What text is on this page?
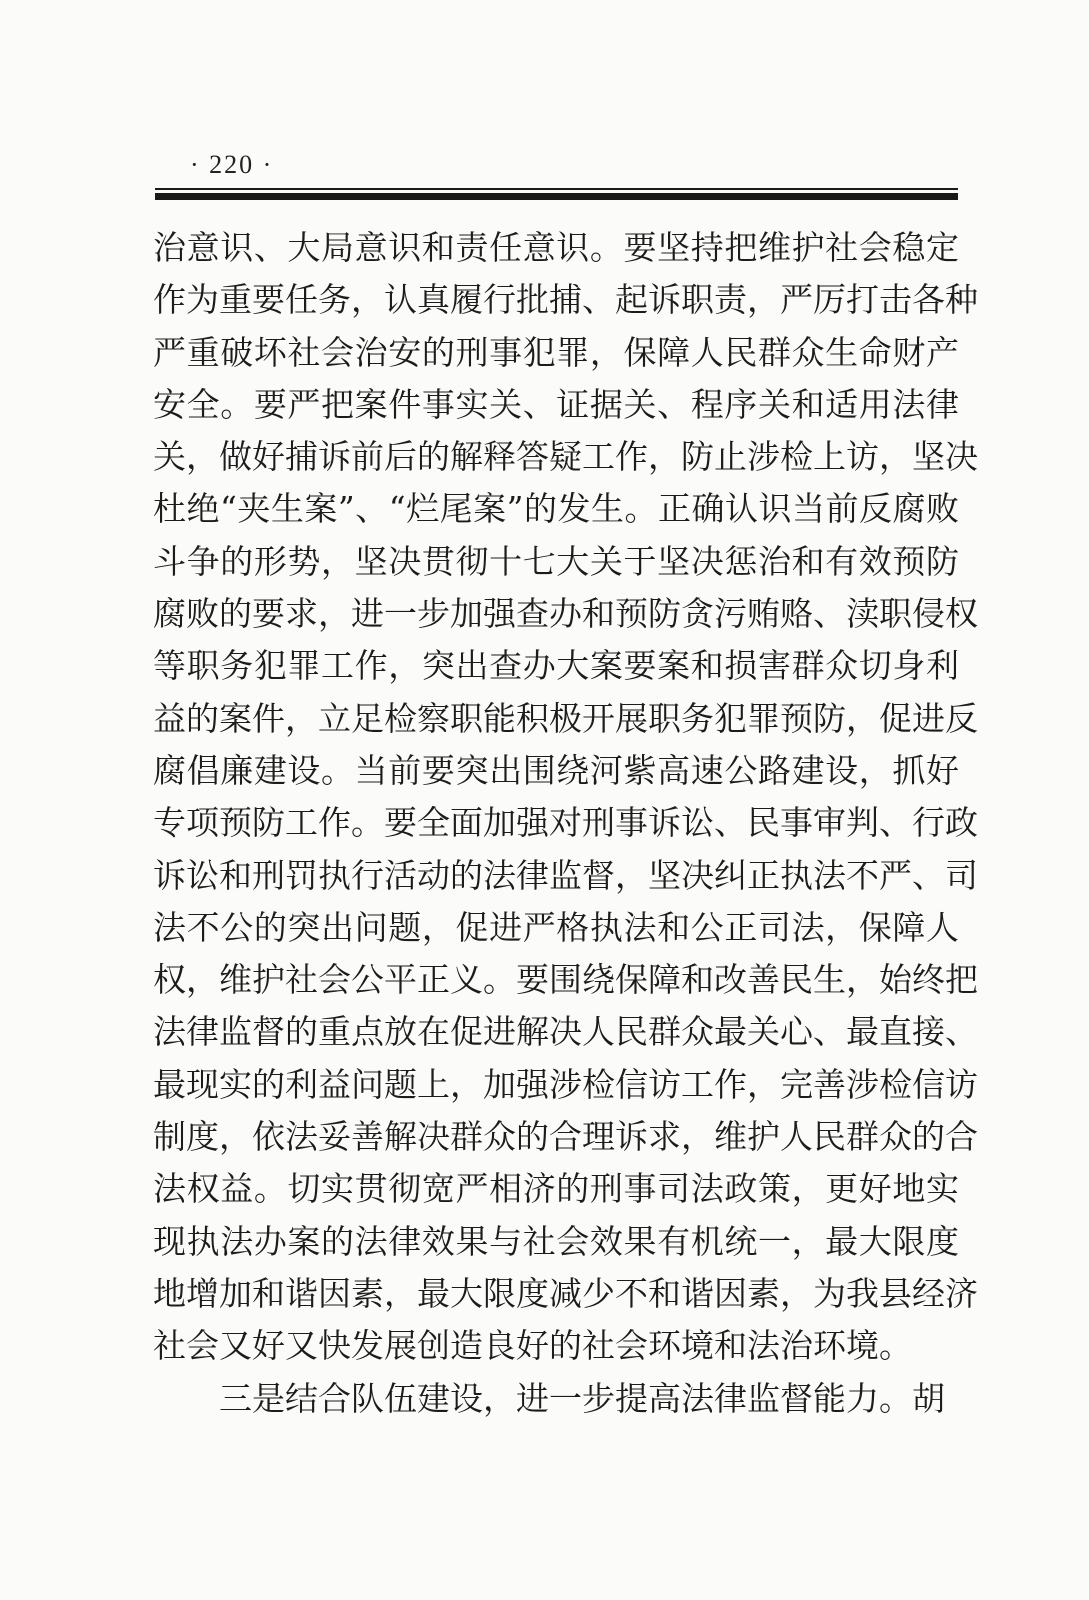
· 220 ·
治意识、大局意识和责任意识。要坚持把维护社会稳定
作为重要任务，认真履行批捕、起诉职责，严厉打击各种
严重破坏社会治安的刑事犯罪，保障人民群众生命财产
安全。要严把案件事实关、证据关、程序关和适用法律
关，做好捕诉前后的解释答疑工作，防止涉检上访，坚决
杜绝“夹生案”、“烂尾案”的发生。正确认识当前反腐败
斗争的形势，坚决贯彻十七大关于坚决惩治和有效预防
腐败的要求，进一步加强查办和预防贪污贿赂、渎职侵权
等职务犯罪工作，突出查办大案要案和损害群众切身利
益的案件，立足检察职能积极开展职务犯罪预防，促进反
腐倡廉建设。当前要突出围绕河紫高速公路建设，抓好
专项预防工作。要全面加强对刑事诉讼、民事审判、行政
诉讼和刑罚执行活动的法律监督，坚决纠正执法不严、司
法不公的突出问题，促进严格执法和公正司法，保障人
权，维护社会公平正义。要围绕保障和改善民生，始终把
法律监督的重点放在促进解决人民群众最关心、最直接、
最现实的利益问题上，加强涉检信访工作，完善涉检信访
制度，依法妥善解决群众的合理诉求，维护人民群众的合
法权益。切实贯彻宽严相济的刑事司法政策，更好地实
现执法办案的法律效果与社会效果有机统一，最大限度
地增加和谐因素，最大限度减少不和谐因素，为我县经济
社会又好又快发展创造良好的社会环境和法治环境。
三是结合队伍建设，进一步提高法律监督能力。胡
